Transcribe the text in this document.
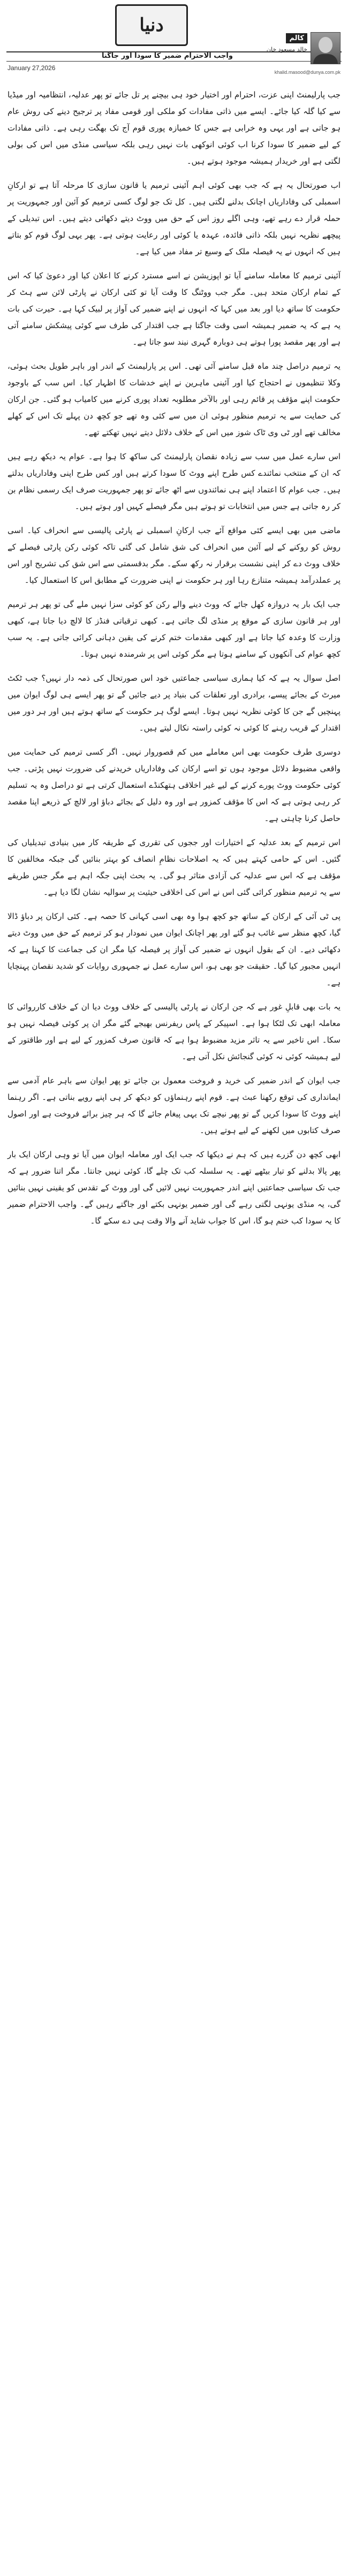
دنیا
کالم
خالد مسعود خان
واجب الاحترام ضمیر کا سودا اور جاگنا
January 27,2026
khalid.masood@dunya.com.pk

جب پارلیمنٹ اپنی عزت، احترام اور اختیار خود ہی بیچنے پر تل جائے تو پھر عدلیہ، انتظامیہ اور میڈیا سے کیا گلہ کیا جائے۔ ایسے میں ذاتی مفادات کو ملکی اور قومی مفاد پر ترجیح دینے کی روش عام ہو جاتی ہے اور یہی وہ خرابی ہے جس کا خمیازہ پوری قوم آج تک بھگت رہی ہے۔ ذاتی مفادات کے لیے ضمیر کا سودا کرنا اب کوئی انوکھی بات نہیں رہی بلکہ سیاسی منڈی میں اس کی بولی لگتی ہے اور خریدار ہمیشہ موجود ہوتے ہیں۔

اب صورتحال یہ ہے کہ جب بھی کوئی اہم آئینی ترمیم یا قانون سازی کا مرحلہ آتا ہے تو ارکانِ اسمبلی کی وفاداریاں اچانک بدلنے لگتی ہیں۔ کل تک جو لوگ کسی ترمیم کو آئین اور جمہوریت پر حملہ قرار دے رہے تھے، وہی اگلے روز اس کے حق میں ووٹ دیتے دکھائی دیتے ہیں۔ اس تبدیلی کے پیچھے نظریہ نہیں بلکہ ذاتی فائدہ، عہدہ یا کوئی اور رعایت ہوتی ہے۔ پھر یہی لوگ قوم کو بتاتے ہیں کہ انہوں نے یہ فیصلہ ملک کے وسیع تر مفاد میں کیا ہے۔

آئینی ترمیم کا معاملہ سامنے آیا تو اپوزیشن نے اسے مسترد کرنے کا اعلان کیا اور دعویٰ کیا کہ اس کے تمام ارکان متحد ہیں۔ مگر جب ووٹنگ کا وقت آیا تو کئی ارکان نے پارٹی لائن سے ہٹ کر حکومت کا ساتھ دیا اور بعد میں کہا کہ انہوں نے اپنے ضمیر کی آواز پر لبیک کہا ہے۔ حیرت کی بات یہ ہے کہ یہ ضمیر ہمیشہ اسی وقت جاگتا ہے جب اقتدار کی طرف سے کوئی پیشکش سامنے آتی ہے اور پھر مقصد پورا ہوتے ہی دوبارہ گہری نیند سو جاتا ہے۔

یہ ترمیم دراصل چند ماہ قبل سامنے آئی تھی۔ اس پر پارلیمنٹ کے اندر اور باہر طویل بحث ہوئی، وکلا تنظیموں نے احتجاج کیا اور آئینی ماہرین نے اپنے خدشات کا اظہار کیا۔ اس سب کے باوجود حکومت اپنے مؤقف پر قائم رہی اور بالآخر مطلوبہ تعداد پوری کرنے میں کامیاب ہو گئی۔ جن ارکان کی حمایت سے یہ ترمیم منظور ہوئی ان میں سے کئی وہ تھے جو کچھ دن پہلے تک اس کے کھلے مخالف تھے اور ٹی وی ٹاک شوز میں اس کے خلاف دلائل دیتے نہیں تھکتے تھے۔

اس سارے عمل میں سب سے زیادہ نقصان پارلیمنٹ کی ساکھ کا ہوا ہے۔ عوام یہ دیکھ رہے ہیں کہ ان کے منتخب نمائندے کس طرح اپنے ووٹ کا سودا کرتے ہیں اور کس طرح اپنی وفاداریاں بدلتے ہیں۔ جب عوام کا اعتماد اپنے ہی نمائندوں سے اٹھ جائے تو پھر جمہوریت صرف ایک رسمی نظام بن کر رہ جاتی ہے جس میں انتخابات تو ہوتے ہیں مگر فیصلے کہیں اور ہوتے ہیں۔

ماضی میں بھی ایسے کئی مواقع آئے جب ارکانِ اسمبلی نے پارٹی پالیسی سے انحراف کیا۔ اسی روش کو روکنے کے لیے آئین میں انحراف کی شق شامل کی گئی تاکہ کوئی رکن پارٹی فیصلے کے خلاف ووٹ دے کر اپنی نشست برقرار نہ رکھ سکے۔ مگر بدقسمتی سے اس شق کی تشریح اور اس پر عملدرآمد ہمیشہ متنازع رہا اور ہر حکومت نے اپنی ضرورت کے مطابق اس کا استعمال کیا۔

جب ایک بار یہ دروازہ کھل جائے کہ ووٹ دینے والے رکن کو کوئی سزا نہیں ملے گی تو پھر ہر ترمیم اور ہر قانون سازی کے موقع پر منڈی لگ جاتی ہے۔ کبھی ترقیاتی فنڈز کا لالچ دیا جاتا ہے، کبھی وزارت کا وعدہ کیا جاتا ہے اور کبھی مقدمات ختم کرنے کی یقین دہانی کرائی جاتی ہے۔ یہ سب کچھ عوام کی آنکھوں کے سامنے ہوتا ہے مگر کوئی اس پر شرمندہ نہیں ہوتا۔

اصل سوال یہ ہے کہ کیا ہماری سیاسی جماعتیں خود اس صورتحال کی ذمہ دار نہیں؟ جب ٹکٹ میرٹ کے بجائے پیسے، برادری اور تعلقات کی بنیاد پر دیے جائیں گے تو پھر ایسے ہی لوگ ایوان میں پہنچیں گے جن کا کوئی نظریہ نہیں ہوتا۔ ایسے لوگ ہر حکومت کے ساتھ ہوتے ہیں اور ہر دور میں اقتدار کے قریب رہنے کا کوئی نہ کوئی راستہ نکال لیتے ہیں۔

دوسری طرف حکومت بھی اس معاملے میں کم قصوروار نہیں۔ اگر کسی ترمیم کی حمایت میں واقعی مضبوط دلائل موجود ہوں تو اسے ارکان کی وفاداریاں خریدنے کی ضرورت نہیں پڑتی۔ جب کوئی حکومت ووٹ پورے کرنے کے لیے غیر اخلاقی ہتھکنڈے استعمال کرتی ہے تو دراصل وہ یہ تسلیم کر رہی ہوتی ہے کہ اس کا مؤقف کمزور ہے اور وہ دلیل کے بجائے دباؤ اور لالچ کے ذریعے اپنا مقصد حاصل کرنا چاہتی ہے۔

اس ترمیم کے بعد عدلیہ کے اختیارات اور ججوں کی تقرری کے طریقہ کار میں بنیادی تبدیلیاں کی گئیں۔ اس کے حامی کہتے ہیں کہ یہ اصلاحات نظامِ انصاف کو بہتر بنائیں گی جبکہ مخالفین کا مؤقف ہے کہ اس سے عدلیہ کی آزادی متاثر ہو گی۔ یہ بحث اپنی جگہ اہم ہے مگر جس طریقے سے یہ ترمیم منظور کرائی گئی اس نے اس کی اخلاقی حیثیت پر سوالیہ نشان لگا دیا ہے۔

پی ٹی آئی کے ارکان کے ساتھ جو کچھ ہوا وہ بھی اسی کہانی کا حصہ ہے۔ کئی ارکان پر دباؤ ڈالا گیا، کچھ منظر سے غائب ہو گئے اور پھر اچانک ایوان میں نمودار ہو کر ترمیم کے حق میں ووٹ دیتے دکھائی دیے۔ ان کے بقول انہوں نے ضمیر کی آواز پر فیصلہ کیا مگر ان کی جماعت کا کہنا ہے کہ انہیں مجبور کیا گیا۔ حقیقت جو بھی ہو، اس سارے عمل نے جمہوری روایات کو شدید نقصان پہنچایا ہے۔

یہ بات بھی قابلِ غور ہے کہ جن ارکان نے پارٹی پالیسی کے خلاف ووٹ دیا ان کے خلاف کارروائی کا معاملہ ابھی تک لٹکا ہوا ہے۔ اسپیکر کے پاس ریفرنس بھیجے گئے مگر ان پر کوئی فیصلہ نہیں ہو سکا۔ اس تاخیر سے یہ تاثر مزید مضبوط ہوا ہے کہ قانون صرف کمزور کے لیے ہے اور طاقتور کے لیے ہمیشہ کوئی نہ کوئی گنجائش نکل آتی ہے۔

جب ایوان کے اندر ضمیر کی خرید و فروخت معمول بن جائے تو پھر ایوان سے باہر عام آدمی سے ایمانداری کی توقع رکھنا عبث ہے۔ قوم اپنے رہنماؤں کو دیکھ کر ہی اپنے رویے بناتی ہے۔ اگر رہنما اپنے ووٹ کا سودا کریں گے تو پھر نیچے تک یہی پیغام جائے گا کہ ہر چیز برائے فروخت ہے اور اصول صرف کتابوں میں لکھنے کے لیے ہوتے ہیں۔

ابھی کچھ دن گزرے ہیں کہ ہم نے دیکھا کہ جب ایک اور معاملہ ایوان میں آیا تو وہی ارکان ایک بار پھر پالا بدلنے کو تیار بیٹھے تھے۔ یہ سلسلہ کب تک چلے گا، کوئی نہیں جانتا۔ مگر اتنا ضرور ہے کہ جب تک سیاسی جماعتیں اپنے اندر جمہوریت نہیں لائیں گی اور ووٹ کے تقدس کو یقینی نہیں بنائیں گی، یہ منڈی یونہی لگتی رہے گی اور ضمیر یونہی بکتے اور جاگتے رہیں گے۔ واجب الاحترام ضمیر کا یہ سودا کب ختم ہو گا، اس کا جواب شاید آنے والا وقت ہی دے سکے گا۔
